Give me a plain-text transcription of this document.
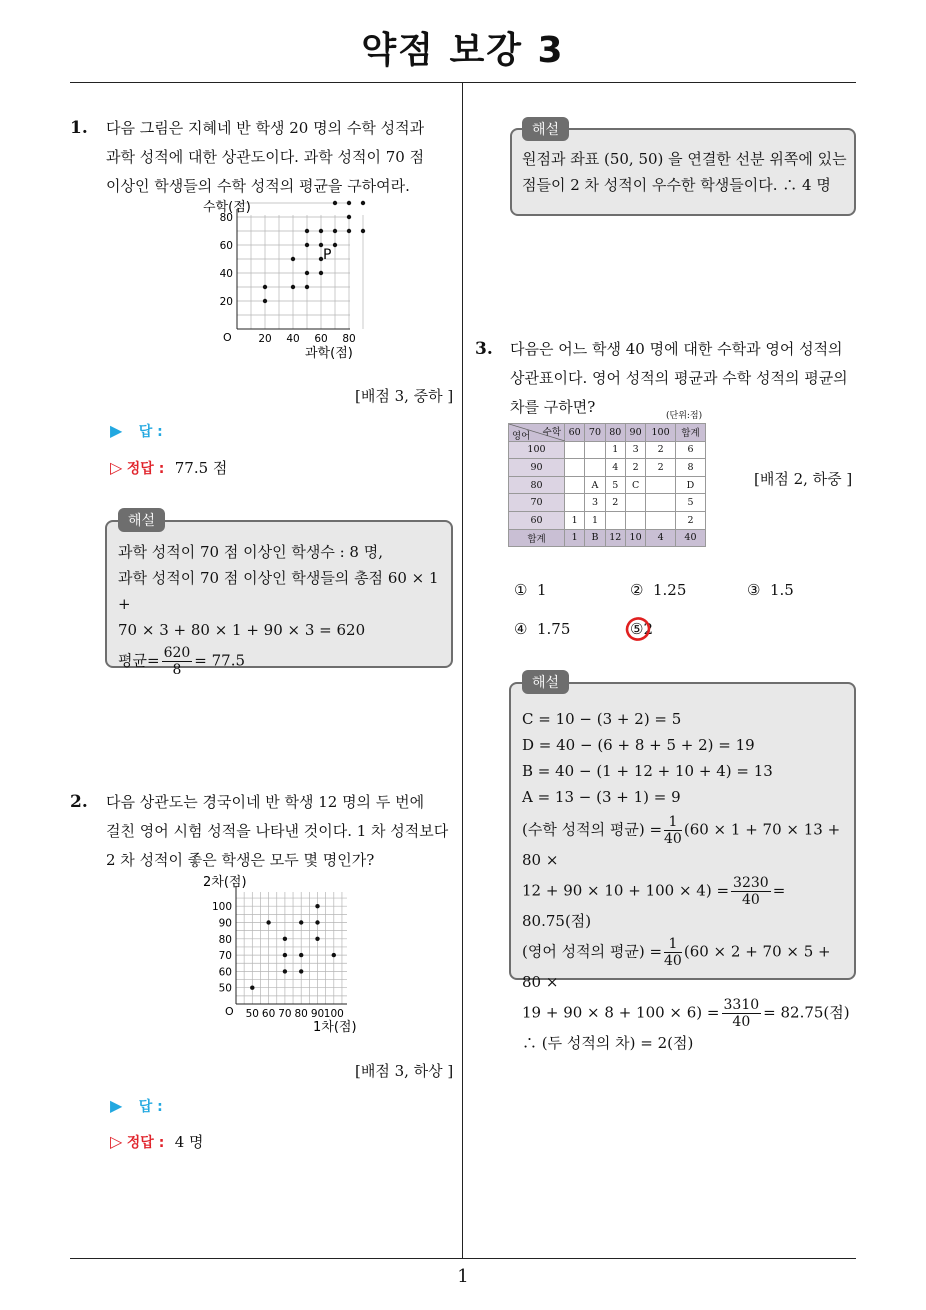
약점 보강 3
1. 다음 그림은 지혜네 반 학생 20 명의 수학 성적과
과학 성적에 대한 상관도이다. 과학 성적이 70 점
이상인 학생들의 수학 성적의 평균을 구하여라.
20 40 60 80
20
40
60
80
수학(점)
과학(점)
O
P
[배점 3, 중하 ]
▶ 답 :
▷ 정답 : 77.5 점
해설
과학 성적이 70 점 이상인 학생수 : 8 명,
과학 성적이 70 점 이상인 학생들의 총점 60 × 1 +
70 × 3 + 80 × 1 + 90 × 3 = 620
평균= $\frac{620}{8} = 77.5$
2. 다음 상관도는 경국이네 반 학생 12 명의 두 번에
걸친 영어 시험 성적을 나타낸 것이다. 1 차 성적보다
2 차 성적이 좋은 학생은 모두 몇 명인가?
50 60 70 80 90 100
50
60
70
80
90
100
2차(점)
1차(점)
O
[배점 3, 하상 ]
▶ 답 :
▷ 정답 : 4 명
해설
원점과 좌표 (50, 50) 을 연결한 선분 위쪽에 있는
점들이 2 차 성적이 우수한 학생들이다. ∴ 4 명
3. 다음은 어느 학생 40 명에 대한 수학과 영어 성적의
상관표이다. 영어 성적의 평균과 수학 성적의 평균의
차를 구하면?	(단위:점)
수학
영어	60	70	80	90	100	합계
100			1	3	2	6
90			4	2	2	8
80		A	5	C		D
70		3	2			5
60	1	1				2
합계	1	B	12	10	4	40
[배점 2, 하중 ]
① 1	② 1.25	③ 1.5
④ 1.75	⑤2
해설
C = 10 − (3 + 2) = 5
D = 40 − (6 + 8 + 5 + 2) = 19
B = 40 − (1 + 12 + 10 + 4) = 13
A = 13 − (3 + 1) = 9
(수학 성적의 평균) = $\frac{1}{40} (60 \times 1 + 70 \times 13 + 80$ ×
$12 + 90 \times 10 + 100 \times 4) = \frac{3230}{40} = 80.75$(점)
(영어 성적의 평균) = $\frac{1}{40} (60 \times 2 + 70 \times 5 + 80$ ×
$19 + 90 \times 8 + 100 \times 6) = \frac{3310}{40} = 82.75$(점)
∴ (두 성적의 차) = 2(점)
1
